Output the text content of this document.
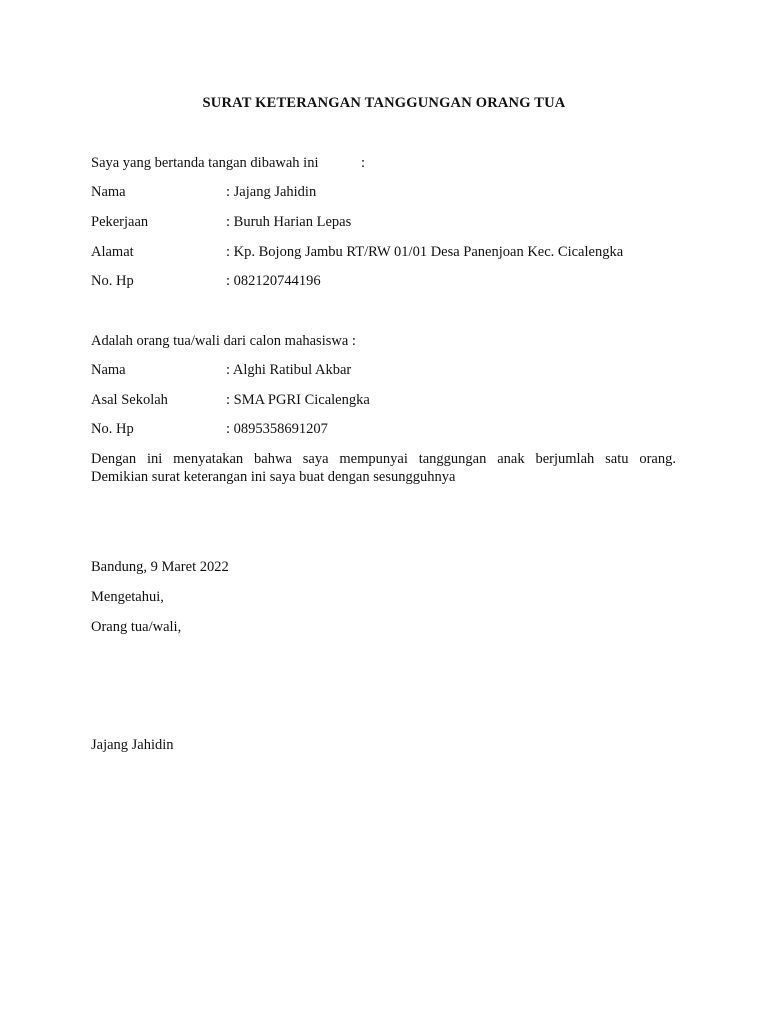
SURAT KETERANGAN TANGGUNGAN ORANG TUA
Saya yang bertanda tangan dibawah ini	:
Nama	: Jajang Jahidin
Pekerjaan	: Buruh Harian Lepas
Alamat	: Kp. Bojong Jambu RT/RW 01/01 Desa Panenjoan Kec. Cicalengka
No. Hp	: 082120744196
Adalah orang tua/wali dari calon mahasiswa :
Nama	: Alghi Ratibul Akbar
Asal Sekolah	: SMA PGRI Cicalengka
No. Hp	: 0895358691207
Dengan ini menyatakan bahwa saya mempunyai tanggungan anak berjumlah satu orang.
Demikian surat keterangan ini saya buat dengan sesungguhnya
Bandung, 9 Maret 2022
Mengetahui,
Orang tua/wali,
Jajang Jahidin
